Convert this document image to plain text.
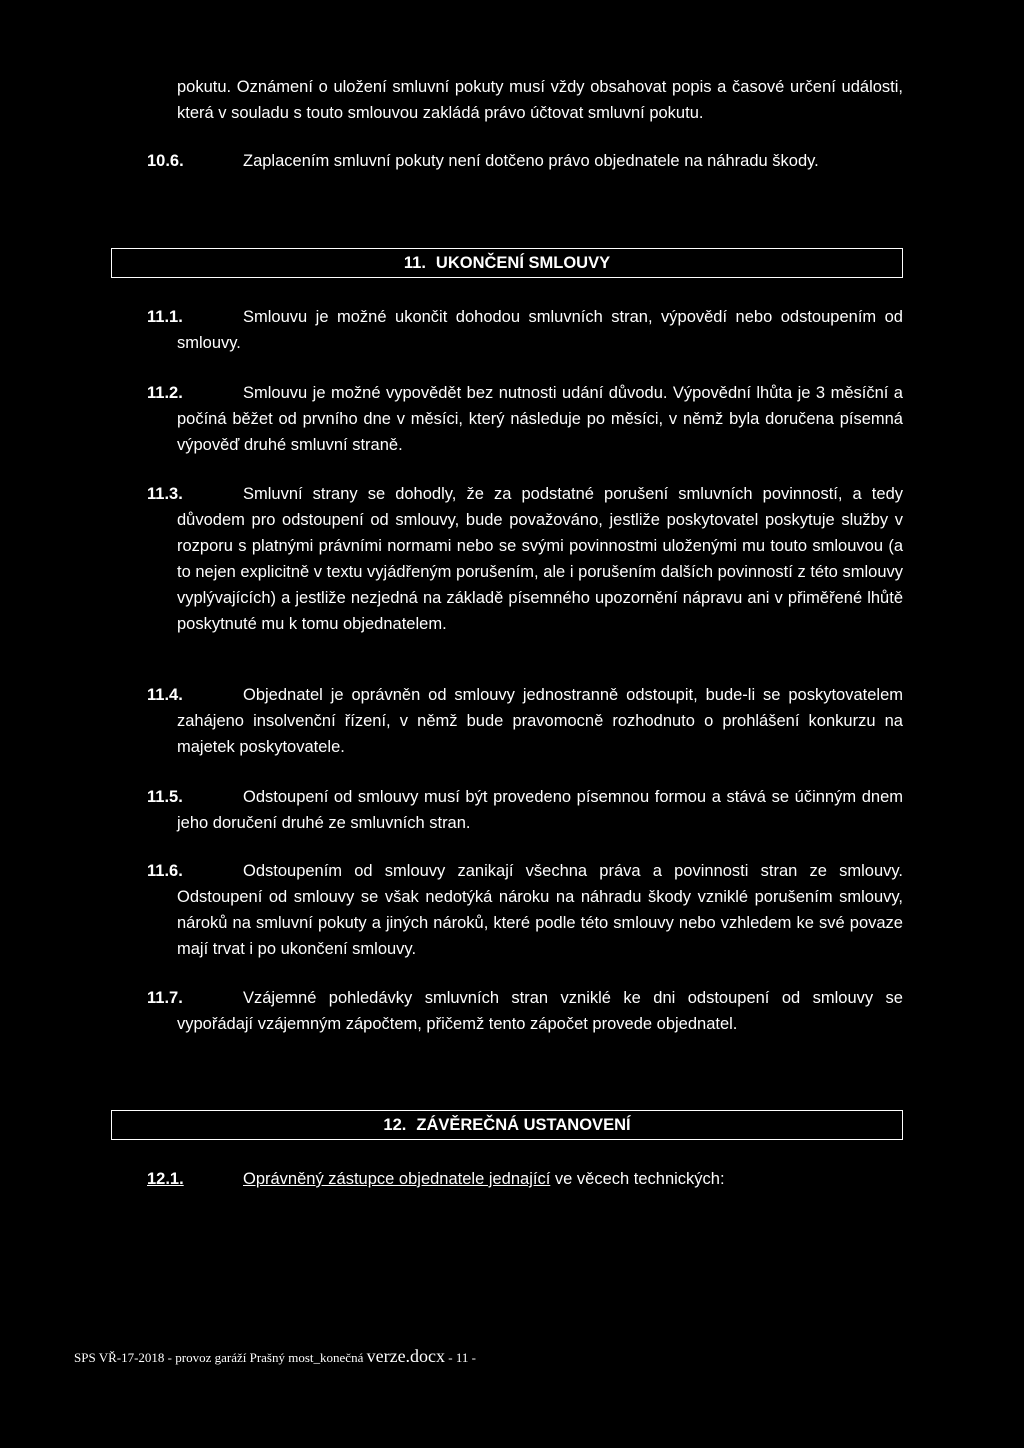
pokutu. Oznámení o uložení smluvní pokuty musí vždy obsahovat popis a časové určení události, která v souladu s touto smlouvou zakládá právo účtovat smluvní pokutu.

10.6.	Zaplacením smluvní pokuty není dotčeno právo objednatele na náhradu škody.

11. UKONČENÍ SMLOUVY

11.1.	Smlouvu je možné ukončit dohodou smluvních stran, výpovědí nebo odstoupením od smlouvy.

11.2.	Smlouvu je možné vypovědět bez nutnosti udání důvodu. Výpovědní lhůta je 3 měsíční a počíná běžet od prvního dne v měsíci, který následuje po měsíci, v němž byla doručena písemná výpověď druhé smluvní straně.

11.3.	Smluvní strany se dohodly, že za podstatné porušení smluvních povinností, a tedy důvodem pro odstoupení od smlouvy, bude považováno, jestliže poskytovatel poskytuje služby v rozporu s platnými právními normami nebo se svými povinnostmi uloženými mu touto smlouvou (a to nejen explicitně v textu vyjádřeným porušením, ale i porušením dalších povinností z této smlouvy vyplývajících) a jestliže nezjedná na základě písemného upozornění nápravu ani v přiměřené lhůtě poskytnuté mu k tomu objednatelem.

11.4.	Objednatel je oprávněn od smlouvy jednostranně odstoupit, bude-li se poskytovatelem zahájeno insolvenční řízení, v němž bude pravomocně rozhodnuto o prohlášení konkurzu na majetek poskytovatele.

11.5.	Odstoupení od smlouvy musí být provedeno písemnou formou a stává se účinným dnem jeho doručení druhé ze smluvních stran.

11.6.	Odstoupením od smlouvy zanikají všechna práva a povinnosti stran ze smlouvy. Odstoupení od smlouvy se však nedotýká nároku na náhradu škody vzniklé porušením smlouvy, nároků na smluvní pokuty a jiných nároků, které podle této smlouvy nebo vzhledem ke své povaze mají trvat i po ukončení smlouvy.

11.7.	Vzájemné pohledávky smluvních stran vzniklé ke dni odstoupení od smlouvy se vypořádají vzájemným zápočtem, přičemž tento zápočet provede objednatel.

12. ZÁVĚREČNÁ USTANOVENÍ

12.1.	Oprávněný zástupce objednatele jednající ve věcech technických:

SPS VŘ-17-2018 - provoz garáží Prašný most_konečná verze.docx - 11 -
